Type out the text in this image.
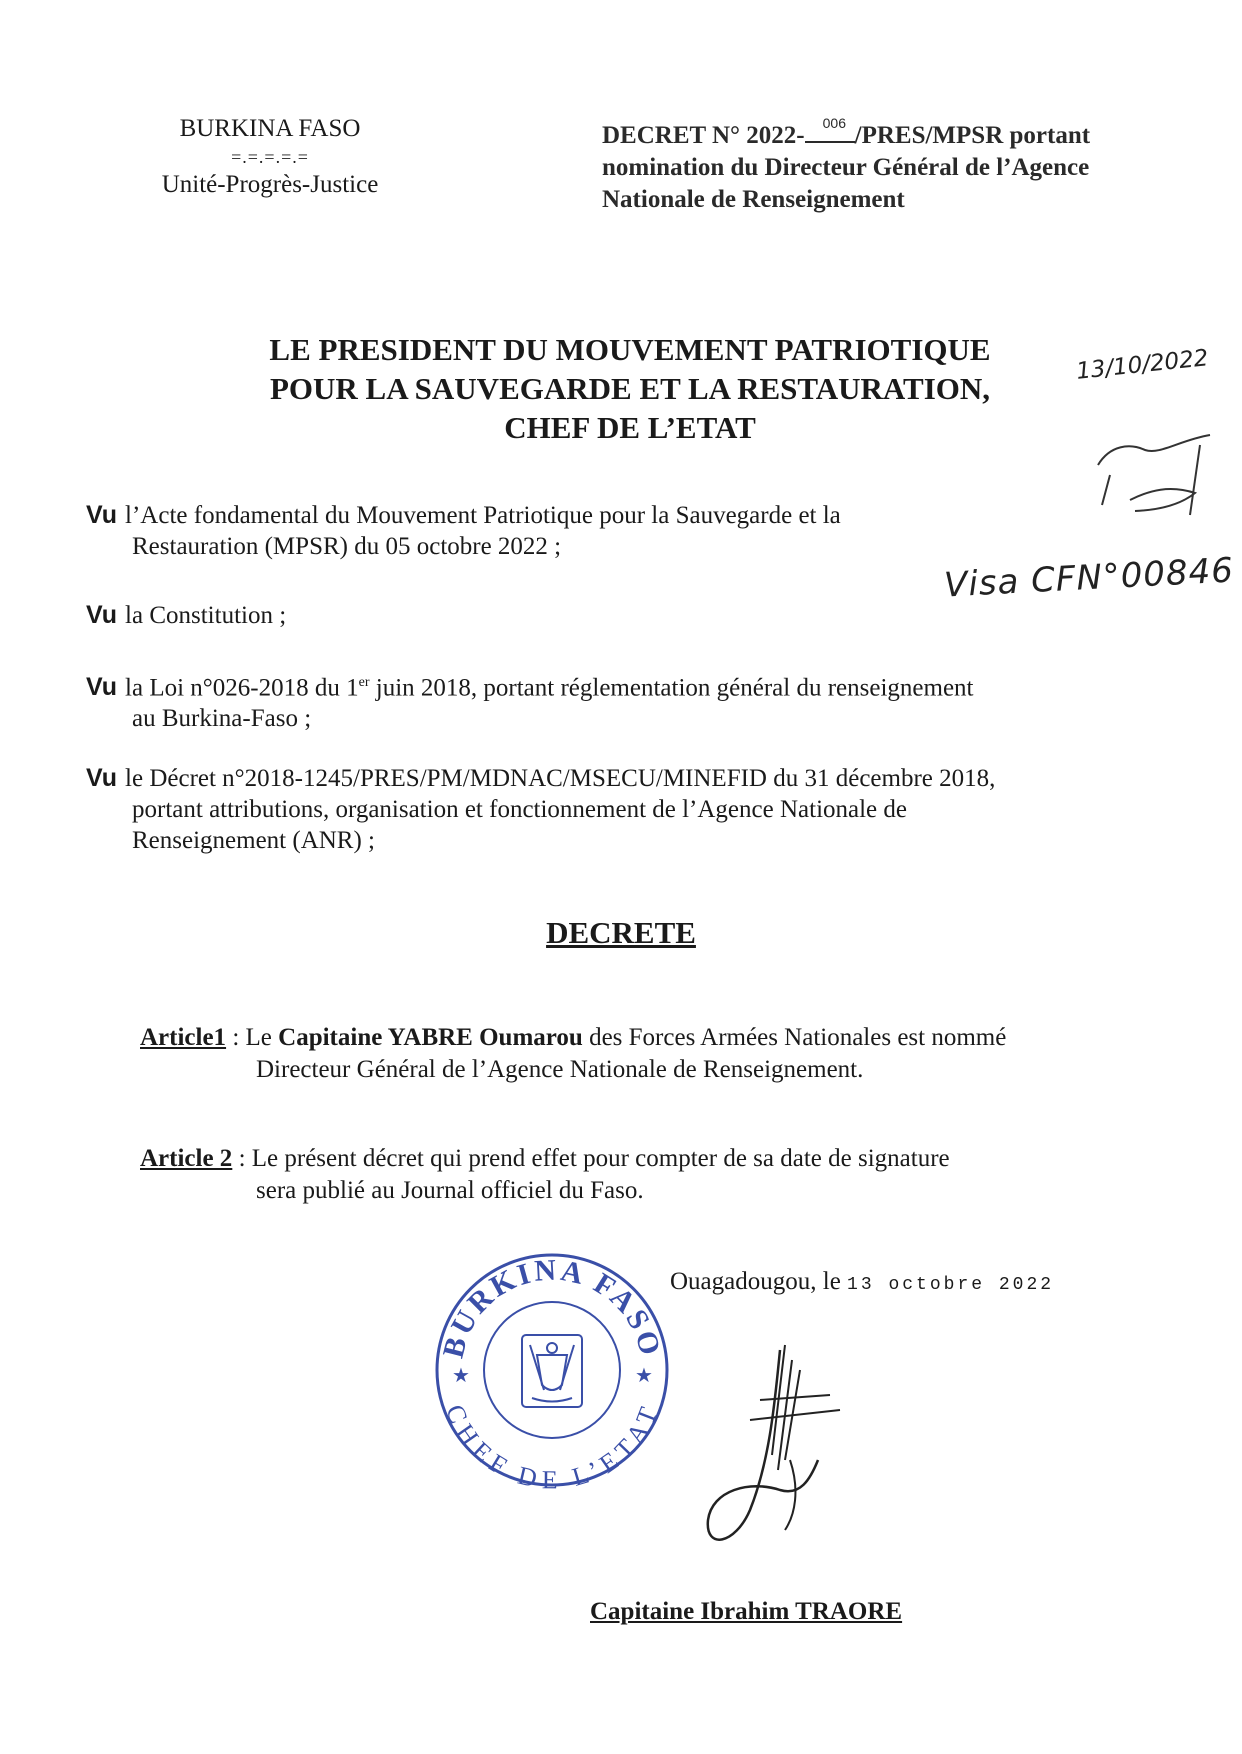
BURKINA FASO
=.=.=.=.=
Unité-Progrès-Justice
DECRET N° 2022- 006 /PRES/MPSR portant
nomination du Directeur Général de l’Agence
Nationale de Renseignement
LE PRESIDENT DU MOUVEMENT PATRIOTIQUE
POUR LA SAUVEGARDE ET LA RESTAURATION,
CHEF DE L’ETAT
13/10/2022
Visa CFN°00846
Vu l’Acte fondamental du Mouvement Patriotique pour la Sauvegarde et la
Restauration (MPSR) du 05 octobre 2022 ;
Vu la Constitution ;
Vu la Loi n°026-2018 du 1er juin 2018, portant réglementation général du renseignement
au Burkina-Faso ;
Vu le Décret n°2018-1245/PRES/PM/MDNAC/MSECU/MINEFID du 31 décembre 2018,
portant attributions, organisation et fonctionnement de l’Agence Nationale de
Renseignement (ANR) ;
DECRETE
Article1 : Le Capitaine YABRE Oumarou des Forces Armées Nationales est nommé
Directeur Général de l’Agence Nationale de Renseignement.
Article 2 : Le présent décret qui prend effet pour compter de sa date de signature
sera publié au Journal officiel du Faso.
Ouagadougou, le 13 octobre 2022
BURKINA FASO
CHEF DE L’ETAT
★	★
Capitaine Ibrahim TRAORE
